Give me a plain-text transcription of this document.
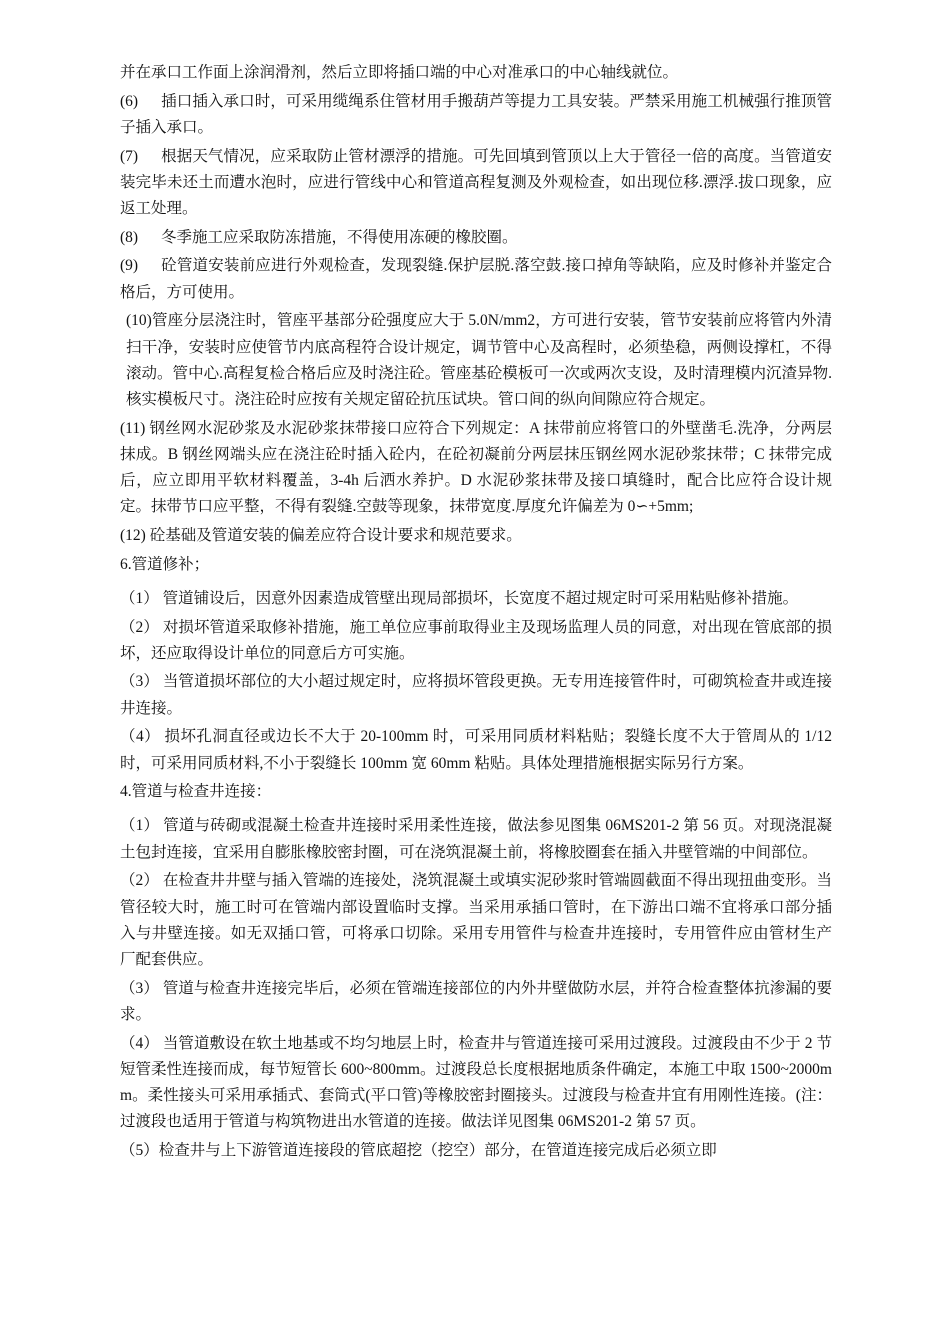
并在承口工作面上涂润滑剂，然后立即将插口端的中心对准承口的中心轴线就位。

(6) 插口插入承口时，可采用缆绳系住管材用手搬葫芦等提力工具安装。严禁采用施工机械强行推顶管子插入承口。

(7) 根据天气情况，应采取防止管材漂浮的措施。可先回填到管顶以上大于管径一倍的高度。当管道安装完毕未还土而遭水泡时，应进行管线中心和管道高程复测及外观检查，如出现位移.漂浮.拔口现象，应返工处理。

(8) 冬季施工应采取防冻措施，不得使用冻硬的橡胶圈。

(9) 砼管道安装前应进行外观检查，发现裂缝.保护层脱.落空鼓.接口掉角等缺陷，应及时修补并鉴定合格后，方可使用。

(10)管座分层浇注时，管座平基部分砼强度应大于 5.0N/mm2，方可进行安装，管节安装前应将管内外清扫干净，安装时应使管节内底高程符合设计规定，调节管中心及高程时，必须垫稳，两侧设撑杠，不得滚动。管中心.高程复检合格后应及时浇注砼。管座基砼模板可一次或两次支设，及时清理模内沉渣异物.核实模板尺寸。浇注砼时应按有关规定留砼抗压试块。管口间的纵向间隙应符合规定。

(11) 钢丝网水泥砂浆及水泥砂浆抹带接口应符合下列规定：A 抹带前应将管口的外壁凿毛.洗净，分两层抹成。B 钢丝网端头应在浇注砼时插入砼内，在砼初凝前分两层抹压钢丝网水泥砂浆抹带；C 抹带完成后，应立即用平软材料覆盖，3-4h 后洒水养护。D 水泥砂浆抹带及接口填缝时，配合比应符合设计规定。抹带节口应平整，不得有裂缝.空鼓等现象，抹带宽度.厚度允许偏差为 0∽+5mm;

(12) 砼基础及管道安装的偏差应符合设计要求和规范要求。

6.管道修补；

（1） 管道铺设后，因意外因素造成管壁出现局部损坏，长宽度不超过规定时可采用粘贴修补措施。

（2） 对损坏管道采取修补措施，施工单位应事前取得业主及现场监理人员的同意，对出现在管底部的损坏，还应取得设计单位的同意后方可实施。

（3） 当管道损坏部位的大小超过规定时，应将损坏管段更换。无专用连接管件时，可砌筑检查井或连接井连接。

（4） 损坏孔洞直径或边长不大于 20-100mm 时，可采用同质材料粘贴；裂缝长度不大于管周从的 1/12 时，可采用同质材料,不小于裂缝长 100mm 宽 60mm 粘贴。具体处理措施根据实际另行方案。

4.管道与检查井连接：

（1） 管道与砖砌或混凝土检查井连接时采用柔性连接，做法参见图集 06MS201-2 第 56 页。对现浇混凝土包封连接，宜采用自膨胀橡胶密封圈，可在浇筑混凝土前，将橡胶圈套在插入井壁管端的中间部位。

（2） 在检查井井壁与插入管端的连接处，浇筑混凝土或填实泥砂浆时管端圆截面不得出现扭曲变形。当管径较大时，施工时可在管端内部设置临时支撑。当采用承插口管时，在下游出口端不宜将承口部分插入与井壁连接。如无双插口管，可将承口切除。采用专用管件与检查井连接时，专用管件应由管材生产厂配套供应。

（3） 管道与检查井连接完毕后，必须在管端连接部位的内外井壁做防水层，并符合检查整体抗渗漏的要求。

（4） 当管道敷设在软土地基或不均匀地层上时，检查井与管道连接可采用过渡段。过渡段由不少于 2 节短管柔性连接而成，每节短管长 600~800mm。过渡段总长度根据地质条件确定，本施工中取 1500~2000mm。柔性接头可采用承插式、套筒式(平口管)等橡胶密封圈接头。过渡段与检查井宜有用刚性连接。(注：过渡段也适用于管道与构筑物进出水管道的连接。做法详见图集 06MS201-2 第 57 页。

（5）检查井与上下游管道连接段的管底超挖（挖空）部分，在管道连接完成后必须立即
